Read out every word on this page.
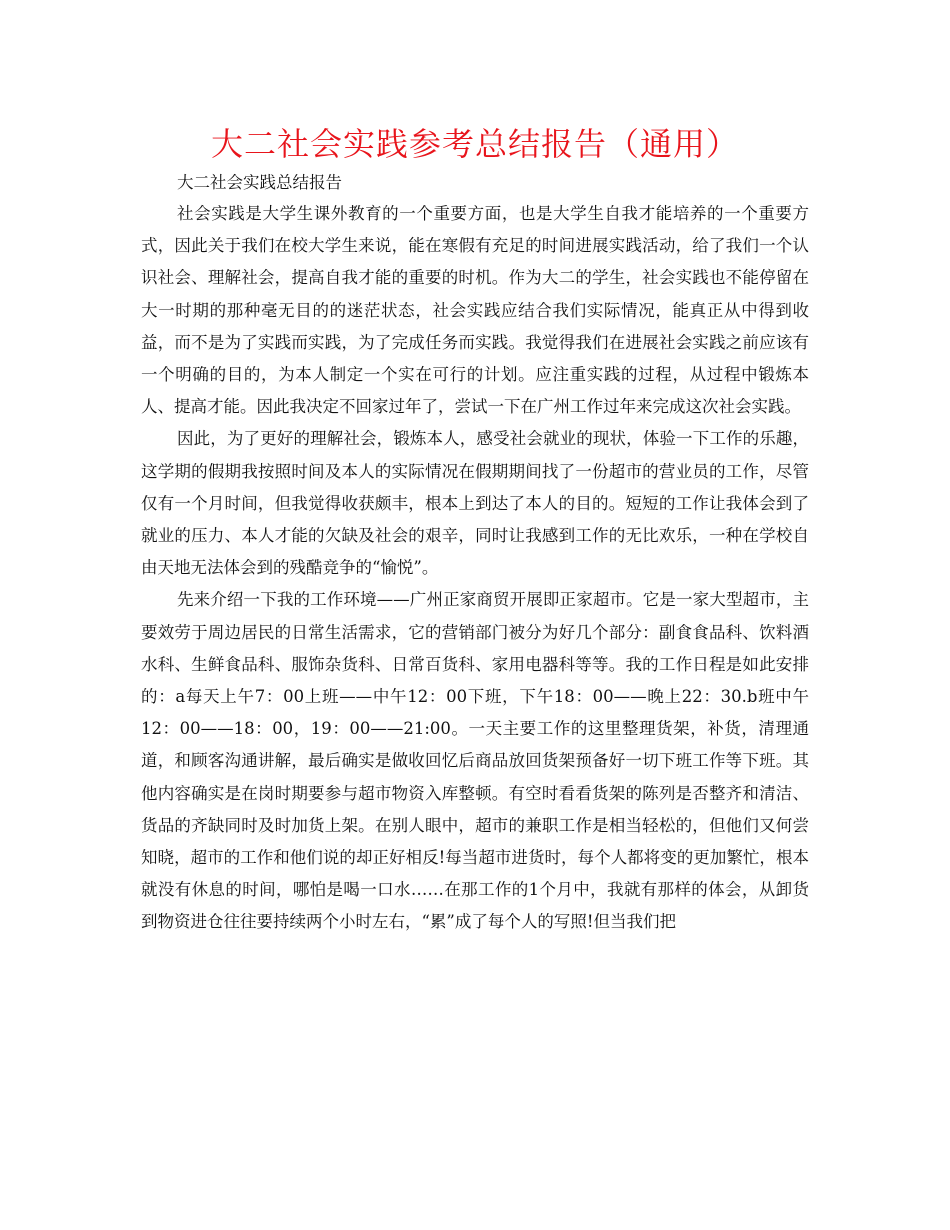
大二社会实践参考总结报告（通用）
大二社会实践总结报告

社会实践是大学生课外教育的一个重要方面，也是大学生自我才能培养的一个重要方式，因此关于我们在校大学生来说，能在寒假有充足的时间进展实践活动，给了我们一个认识社会、理解社会，提高自我才能的重要的时机。作为大二的学生，社会实践也不能停留在大一时期的那种毫无目的的迷茫状态，社会实践应结合我们实际情况，能真正从中得到收益，而不是为了实践而实践，为了完成任务而实践。我觉得我们在进展社会实践之前应该有一个明确的目的，为本人制定一个实在可行的计划。应注重实践的过程，从过程中锻炼本人、提高才能。因此我决定不回家过年了，尝试一下在广州工作过年来完成这次社会实践。

因此，为了更好的理解社会，锻炼本人，感受社会就业的现状，体验一下工作的乐趣，这学期的假期我按照时间及本人的实际情况在假期期间找了一份超市的营业员的工作，尽管仅有一个月时间，但我觉得收获颇丰，根本上到达了本人的目的。短短的工作让我体会到了就业的压力、本人才能的欠缺及社会的艰辛，同时让我感到工作的无比欢乐，一种在学校自由天地无法体会到的残酷竞争的“愉悦”。

先来介绍一下我的工作环境——广州正家商贸开展即正家超市。它是一家大型超市，主要效劳于周边居民的日常生活需求，它的营销部门被分为好几个部分：副食食品科、饮料酒水科、生鲜食品科、服饰杂货科、日常百货科、家用电器科等等。我的工作日程是如此安排的：a每天上午7：00上班——中午12：00下班，下午18：00——晚上22：30.b班中午12：00——18：00，19：00——21:00。一天主要工作的这里整理货架，补货，清理通道，和顾客沟通讲解，最后确实是做收回忆后商品放回货架预备好一切下班工作等下班。其他内容确实是在岗时期要参与超市物资入库整顿。有空时看看货架的陈列是否整齐和清洁、货品的齐缺同时及时加货上架。在别人眼中，超市的兼职工作是相当轻松的，但他们又何尝知晓，超市的工作和他们说的却正好相反!每当超市进货时，每个人都将变的更加繁忙，根本就没有休息的时间，哪怕是喝一口水……在那工作的1个月中，我就有那样的体会，从卸货到物资进仓往往要持续两个小时左右，“累”成了每个人的写照!但当我们把
